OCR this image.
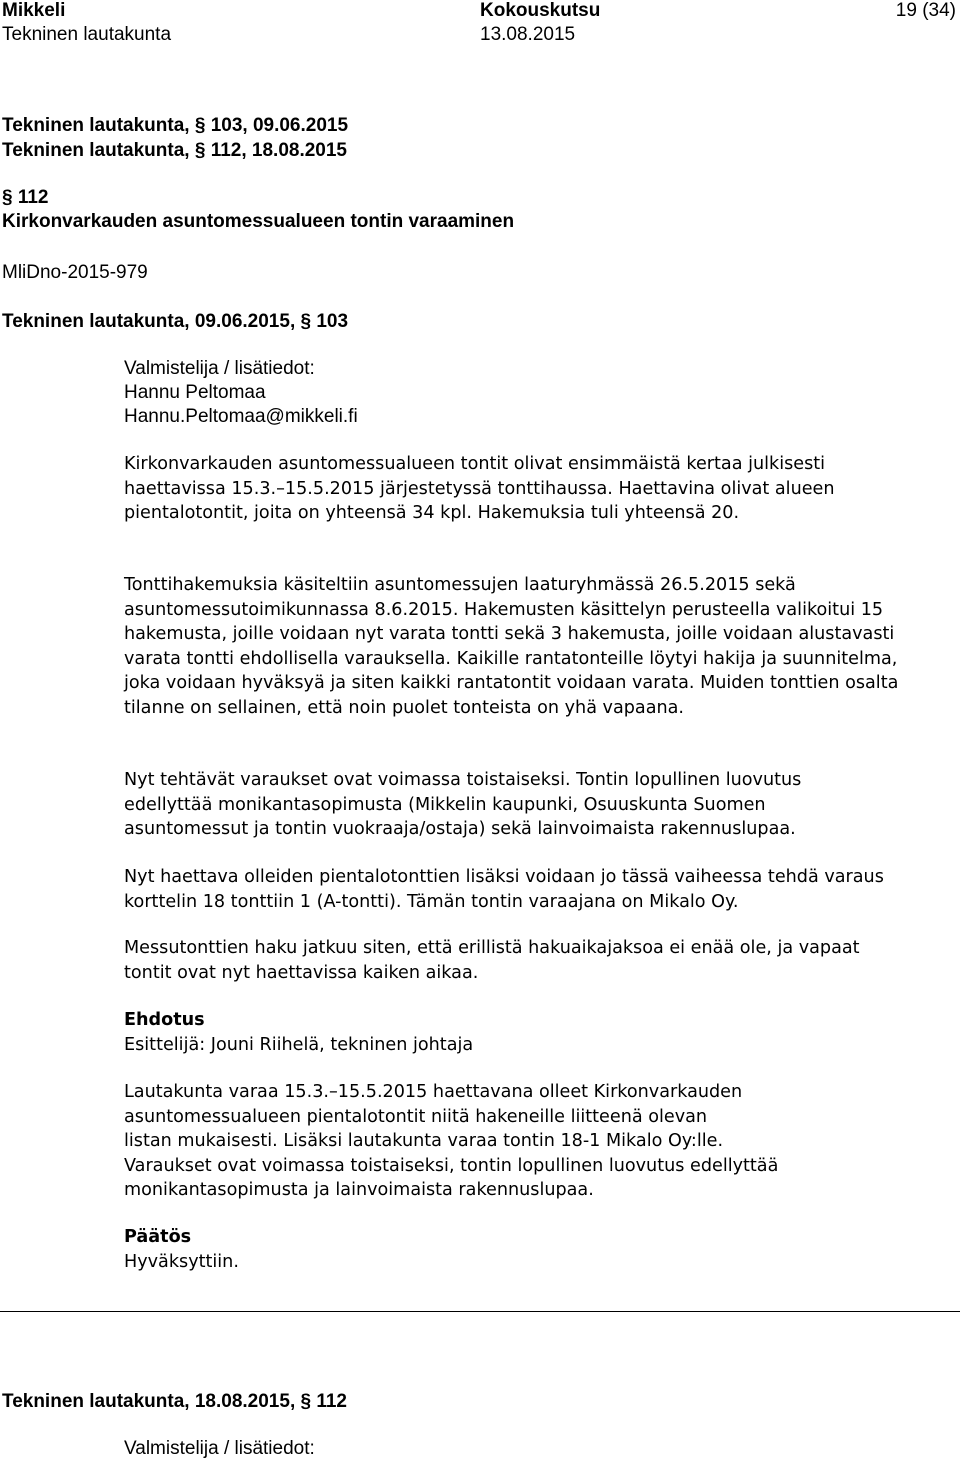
Mikkeli	Kokouskutsu	19 (34)
Tekninen lautakunta	13.08.2015
Tekninen lautakunta, § 103, 09.06.2015
Tekninen lautakunta, § 112, 18.08.2015
§ 112
Kirkonvarkauden asuntomessualueen tontin varaaminen
MliDno-2015-979
Tekninen lautakunta, 09.06.2015, § 103
Valmistelija / lisätiedot:
Hannu Peltomaa
Hannu.Peltomaa@mikkeli.fi

Kirkonvarkauden asuntomessualueen tontit olivat ensimmäistä kertaa julkisesti haettavissa 15.3.–15.5.2015 järjestetyssä tonttihaussa. Haettavina olivat alueen pientalotontit, joita on yhteensä 34 kpl. Hakemuksia tuli yhteensä 20.

Tonttihakemuksia käsiteltiin asuntomessujen laaturyhmässä 26.5.2015 sekä asuntomessutoimikunnassa 8.6.2015. Hakemusten käsittelyn perusteella valikoitui 15 hakemusta, joille voidaan nyt varata tontti sekä 3 hakemusta, joille voidaan alustavasti varata tontti ehdollisella varauksella. Kaikille rantatonteille löytyi hakija ja suunnitelma, joka voidaan hyväksyä ja siten kaikki rantatontit voidaan varata. Muiden tonttien osalta tilanne on sellainen, että noin puolet tonteista on yhä vapaana.

Nyt tehtävät varaukset ovat voimassa toistaiseksi. Tontin lopullinen luovutus edellyttää monikantasopimusta (Mikkelin kaupunki, Osuuskunta Suomen asuntomessut ja tontin vuokraaja/ostaja) sekä lainvoimaista rakennuslupaa.

Nyt haettava olleiden pientalotonttien lisäksi voidaan jo tässä vaiheessa tehdä varaus korttelin 18 tonttiin 1 (A-tontti). Tämän tontin varaajana on Mikalo Oy.

Messutonttien haku jatkuu siten, että erillistä hakuaikajaksoa ei enää ole, ja vapaat tontit ovat nyt haettavissa kaiken aikaa.

Ehdotus
Esittelijä: Jouni Riihelä, tekninen johtaja
Lautakunta varaa 15.3.–15.5.2015 haettavana olleet Kirkonvarkauden
asuntomessualueen pientalotontit niitä hakeneille liitteenä olevan
listan mukaisesti. Lisäksi lautakunta varaa tontin 18-1 Mikalo Oy:lle.
Varaukset ovat voimassa toistaiseksi, tontin lopullinen luovutus edellyttää
monikantasopimusta ja lainvoimaista rakennuslupaa.
Päätös
Hyväksyttiin.
Tekninen lautakunta, 18.08.2015, § 112
Valmistelija / lisätiedot:
